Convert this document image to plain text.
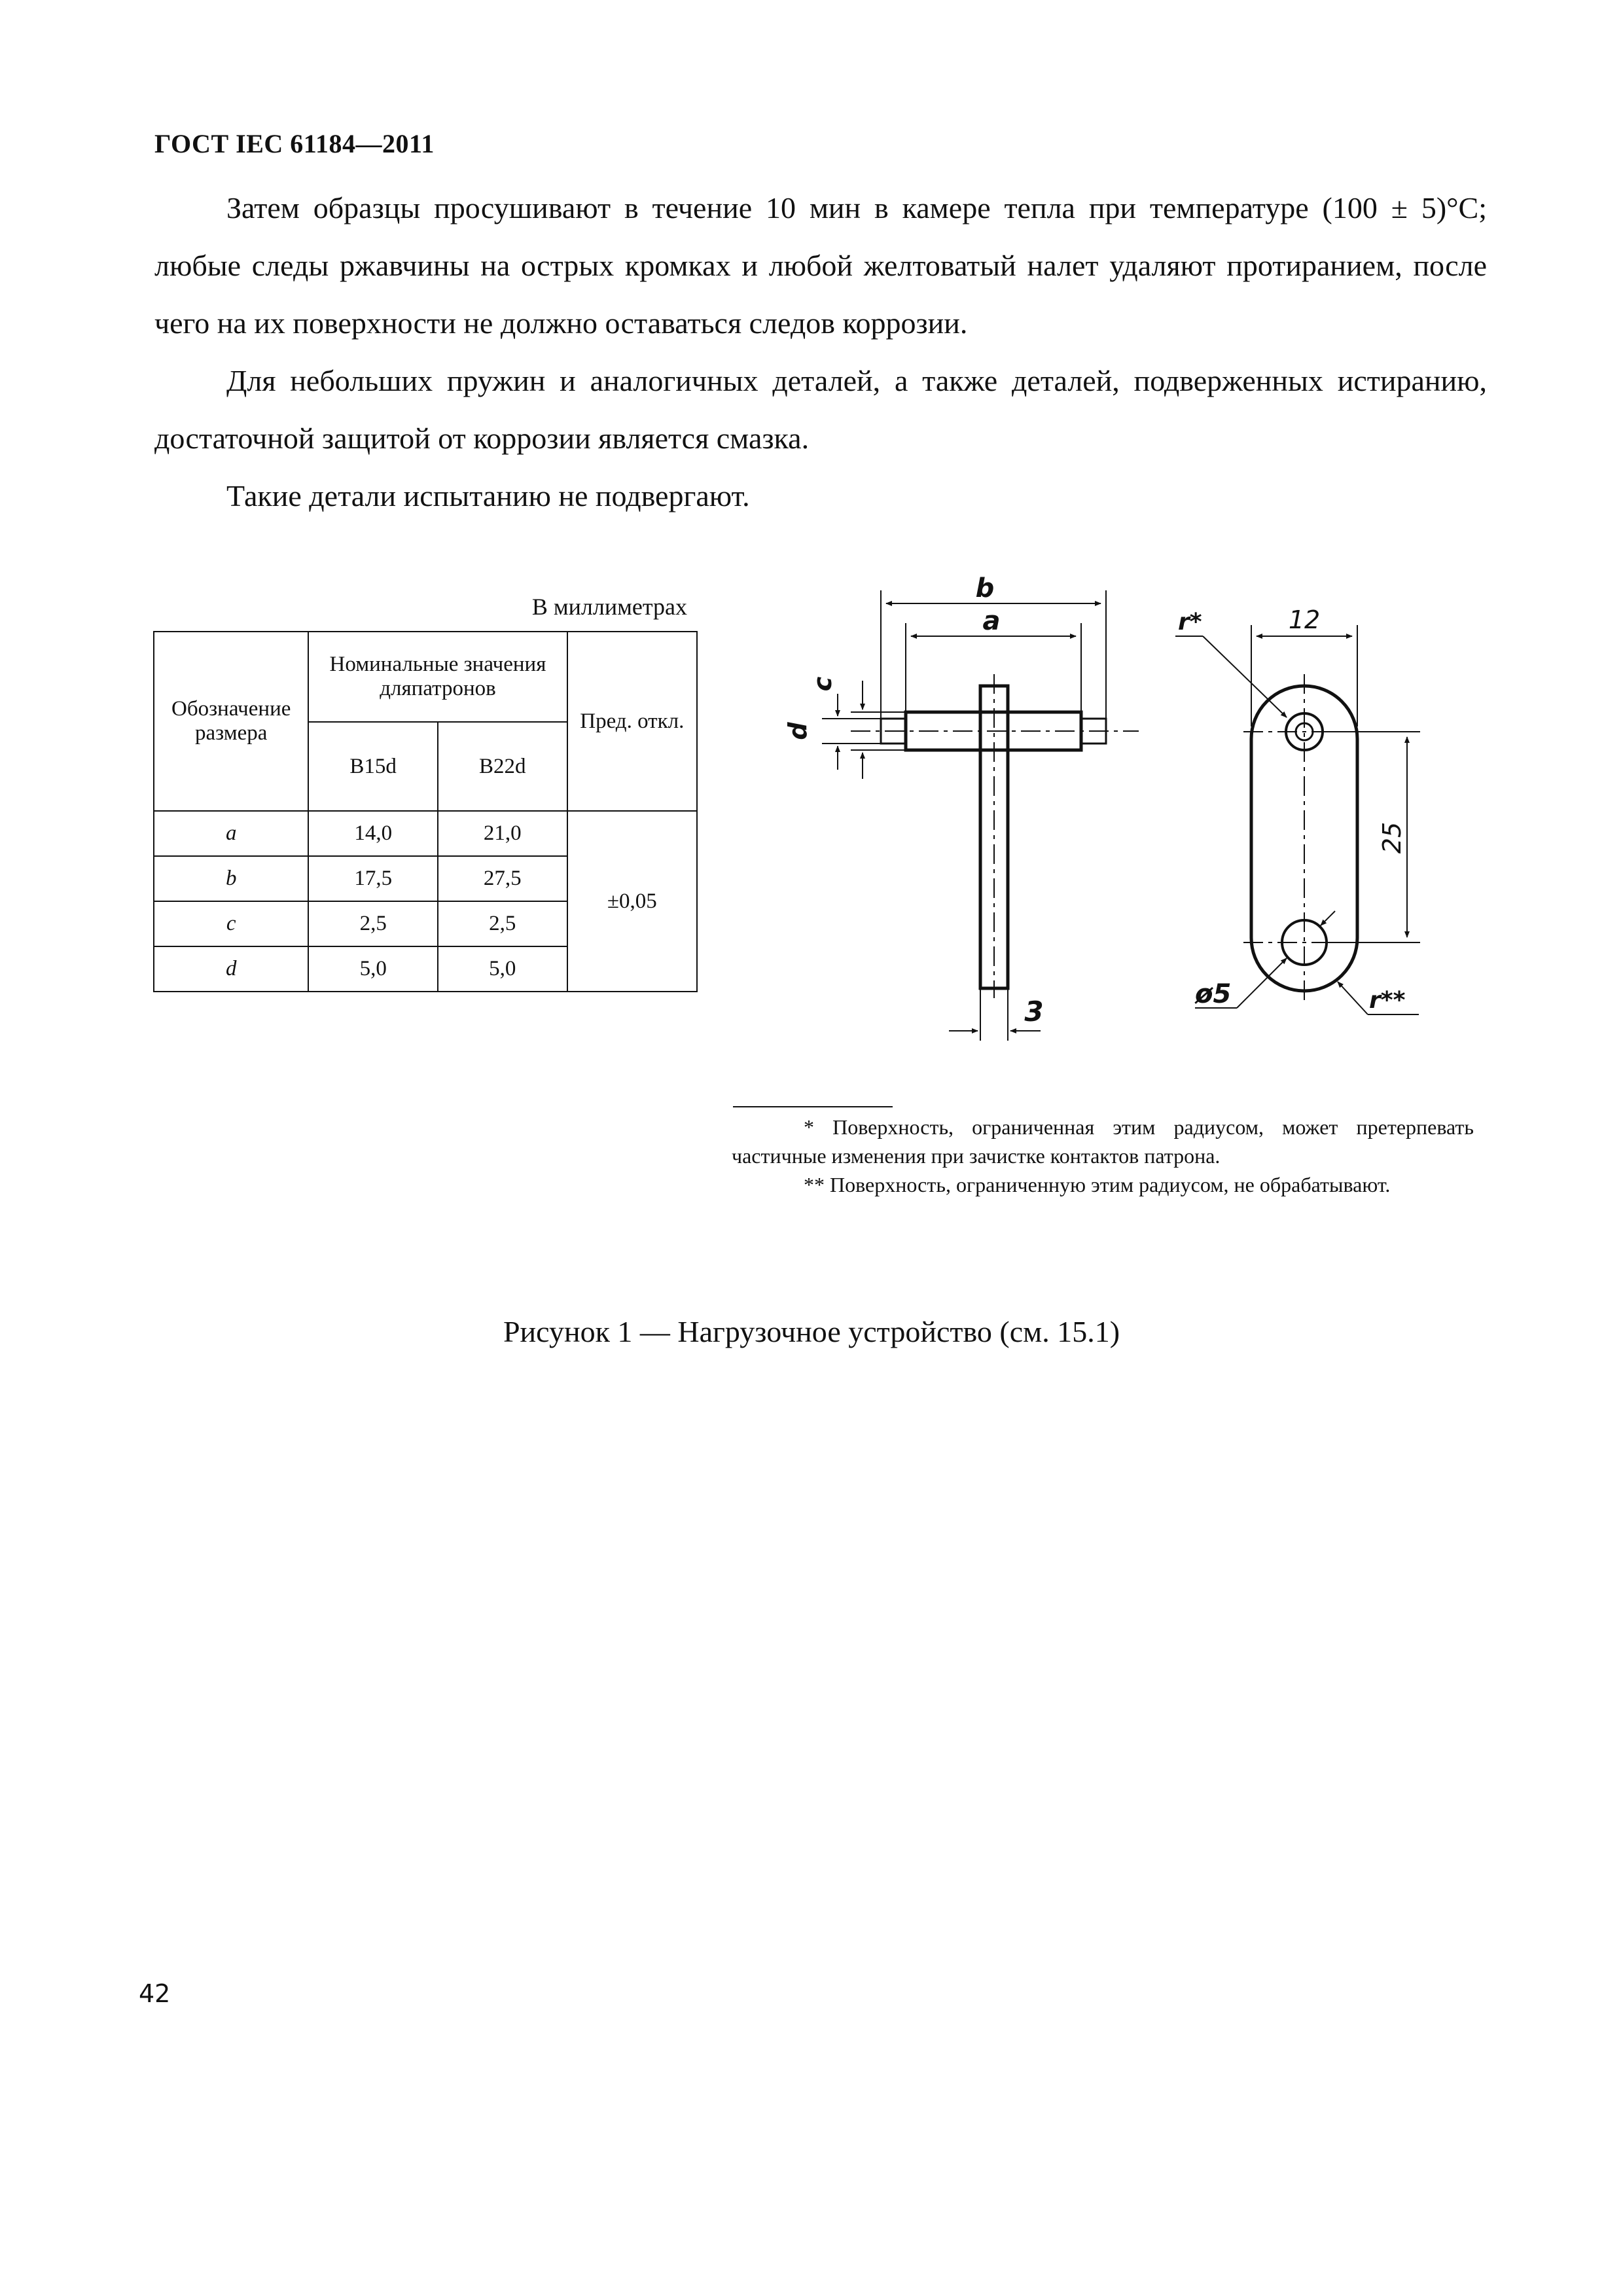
ГОСТ IEC 61184—2011
Затем образцы просушивают в течение 10 мин в камере тепла при температуре (100 ± 5)°С; любые следы ржавчины на острых кромках и любой желтоватый налет удаляют протиранием, после чего на их поверхности не должно оставаться следов коррозии.
Для небольших пружин и аналогичных деталей, а также деталей, подверженных истиранию, достаточной защитой от коррозии является смазка.
Такие детали испытанию не подвергают.
В миллиметрах
Обозначение размера	Номинальные значения дляпатронов		Пред. откл.
	B15d	B22d	
a	14,0	21,0	±0,05
b	17,5	27,5	
c	2,5	2,5	
d	5,0	5,0	
b
a
c
d
3
12
25
r*
ø5	r**
* Поверхность, ограниченная этим радиусом, может претерпевать частичные изменения при зачистке контактов патрона.
** Поверхность, ограниченную этим радиусом, не обрабатывают.
Рисунок 1 — Нагрузочное устройство (см. 15.1)
42
